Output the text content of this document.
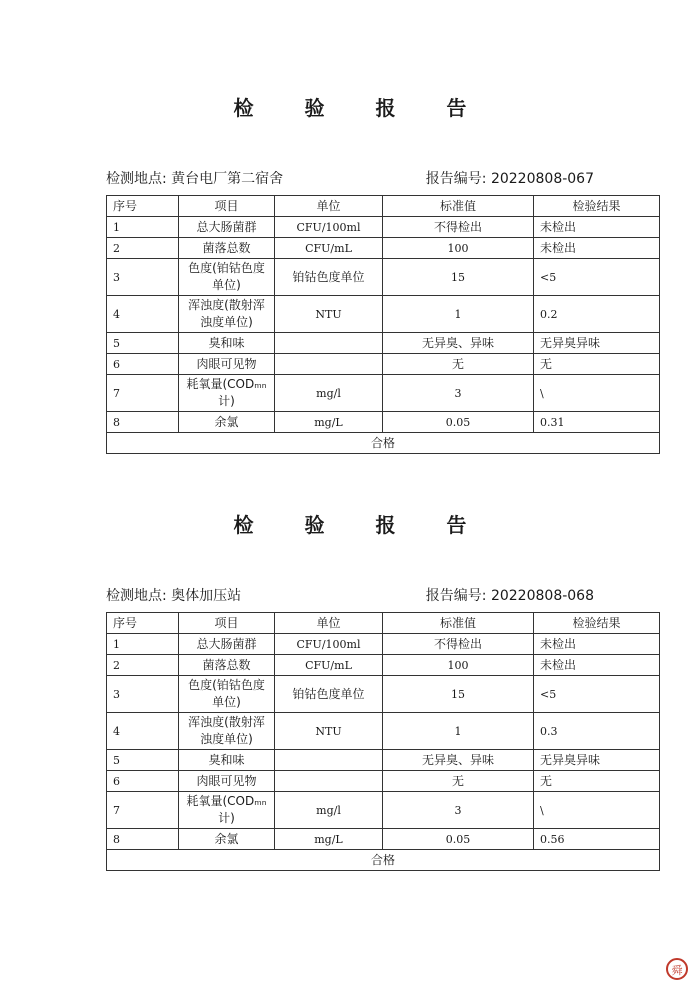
检 验 报 告
检测地点: 黄台电厂第二宿舍	报告编号: 20220808-067
序号	项目	单位	标准值	检验结果
1	总大肠菌群	CFU/100ml	不得检出	未检出
2	菌落总数	CFU/mL	100	未检出
3	色度(铂钴色度单位)	铂钴色度单位	15	<5
4	浑浊度(散射浑浊度单位)	NTU	1	0.2
5	臭和味		无异臭、异味	无异臭异味
6	肉眼可见物		无	无
7	耗氧量(CODₘₙ计)	mg/l	3	\
8	余氯	mg/L	0.05	0.31
合格				
检 验 报 告
检测地点: 奥体加压站	报告编号: 20220808-068
序号	项目	单位	标准值	检验结果
1	总大肠菌群	CFU/100ml	不得检出	未检出
2	菌落总数	CFU/mL	100	未检出
3	色度(铂钴色度单位)	铂钴色度单位	15	<5
4	浑浊度(散射浑浊度单位)	NTU	1	0.3
5	臭和味		无异臭、异味	无异臭异味
6	肉眼可见物		无	无
7	耗氧量(CODₘₙ计)	mg/l	3	\
8	余氯	mg/L	0.05	0.56
合格				
舜
